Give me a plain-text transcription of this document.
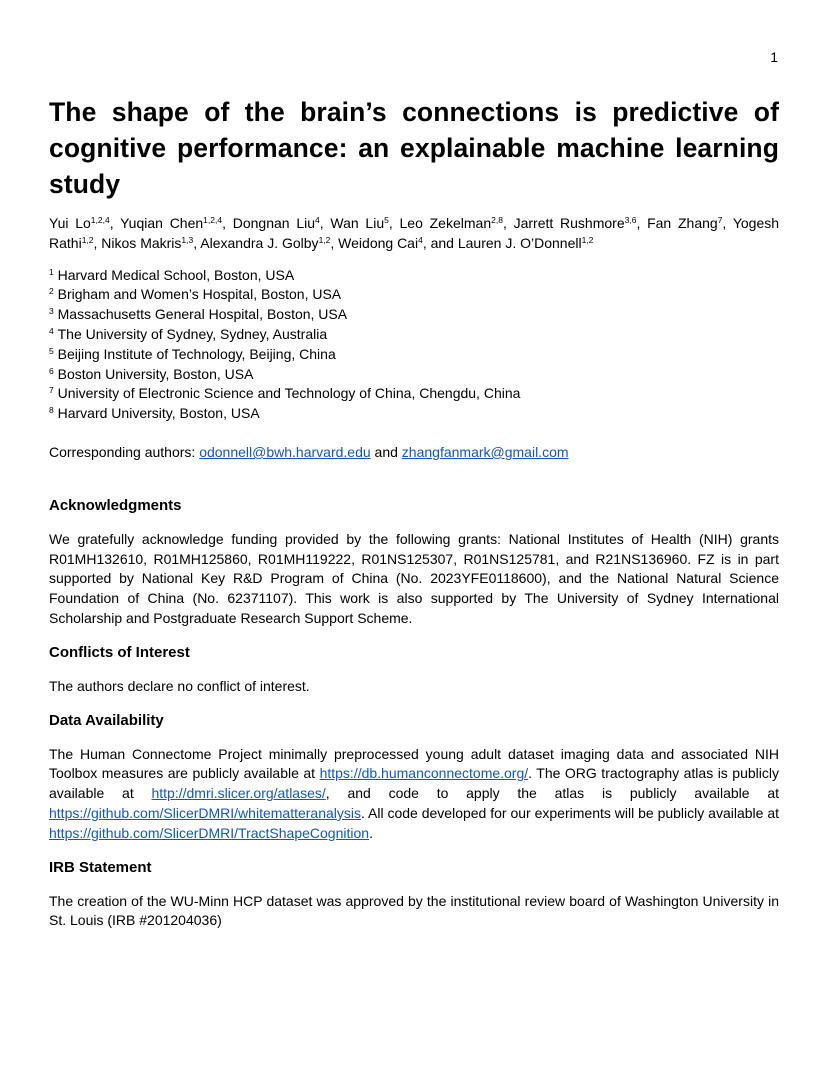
1
The shape of the brain’s connections is predictive of cognitive performance: an explainable machine learning study

Yui Lo$^{1,2,4}$, Yuqian Chen$^{1,2,4}$, Dongnan Liu$^4$, Wan Liu$^5$, Leo Zekelman$^{2,8}$, Jarrett Rushmore$^{3,6}$, Fan Zhang$^7$, Yogesh Rathi$^{1,2}$, Nikos Makris$^{1,3}$, Alexandra J. Golby$^{1,2}$, Weidong Cai$^4$, and Lauren J. O’Donnell$^{1,2}$

$^1$ Harvard Medical School, Boston, USA
$^2$ Brigham and Women’s Hospital, Boston, USA
$^3$ Massachusetts General Hospital, Boston, USA
$^4$ The University of Sydney, Sydney, Australia
$^5$ Beijing Institute of Technology, Beijing, China
$^6$ Boston University, Boston, USA
$^7$ University of Electronic Science and Technology of China, Chengdu, China
$^8$ Harvard University, Boston, USA

Corresponding authors: odonnell@bwh.harvard.edu and zhangfanmark@gmail.com

Acknowledgments

We gratefully acknowledge funding provided by the following grants: National Institutes of Health (NIH) grants R01MH132610, R01MH125860, R01MH119222, R01NS125307, R01NS125781, and R21NS136960. FZ is in part supported by National Key R&D Program of China (No. 2023YFE0118600), and the National Natural Science Foundation of China (No. 62371107). This work is also supported by The University of Sydney International Scholarship and Postgraduate Research Support Scheme.

Conflicts of Interest

The authors declare no conflict of interest.

Data Availability

The Human Connectome Project minimally preprocessed young adult dataset imaging data and associated NIH Toolbox measures are publicly available at https://db.humanconnectome.org/. The ORG tractography atlas is publicly available at http://dmri.slicer.org/atlases/, and code to apply the atlas is publicly available at https://github.com/SlicerDMRI/whitematteranalysis. All code developed for our experiments will be publicly available at https://github.com/SlicerDMRI/TractShapeCognition.

IRB Statement

The creation of the WU-Minn HCP dataset was approved by the institutional review board of Washington University in St. Louis (IRB #201204036)
